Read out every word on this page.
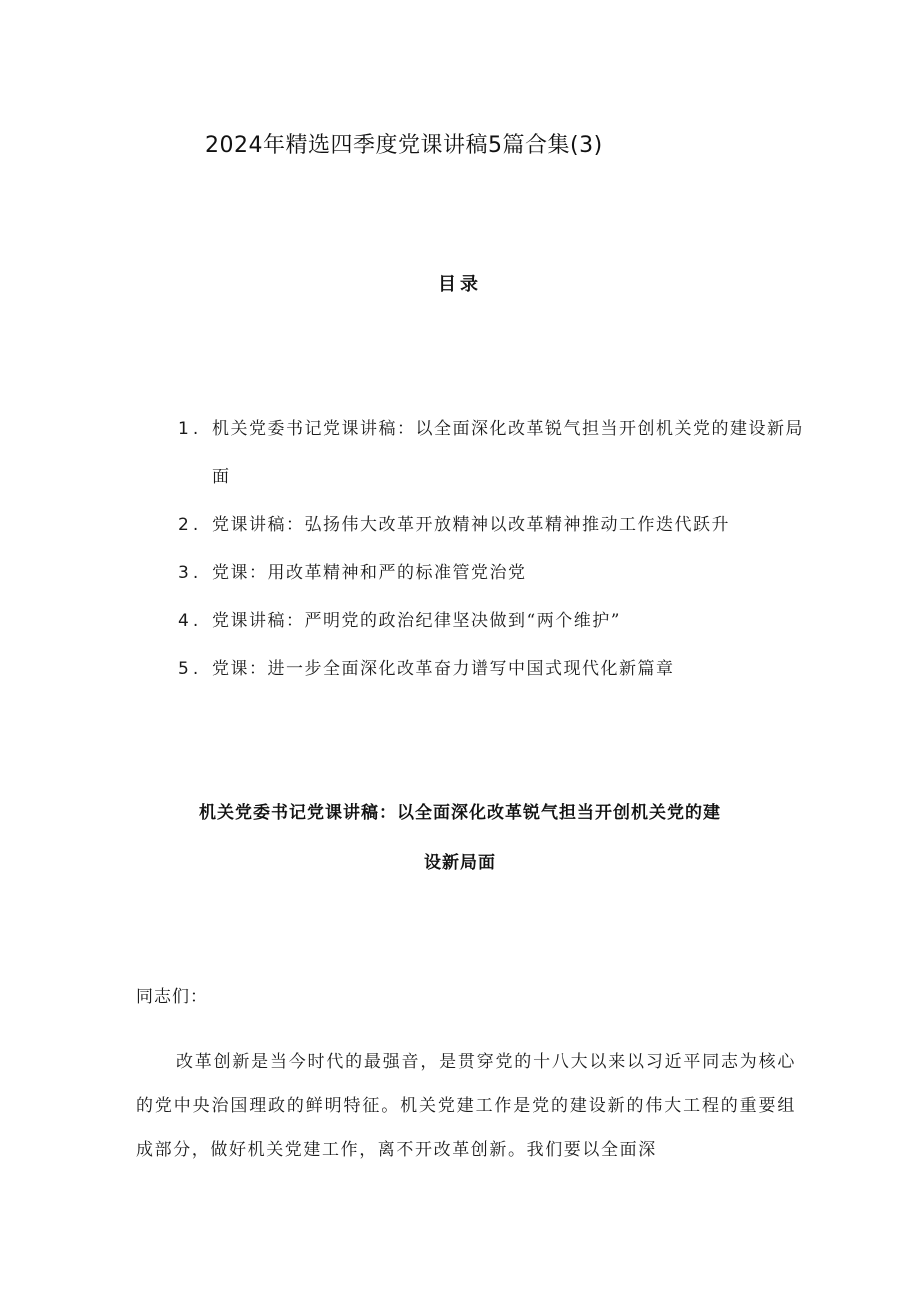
2024年精选四季度党课讲稿5篇合集(3)
目录
1. 机关党委书记党课讲稿：以全面深化改革锐气担当开创机关党的建设新局面
2. 党课讲稿：弘扬伟大改革开放精神以改革精神推动工作迭代跃升
3. 党课：用改革精神和严的标准管党治党
4. 党课讲稿：严明党的政治纪律坚决做到“两个维护”
5. 党课：进一步全面深化改革奋力谱写中国式现代化新篇章
机关党委书记党课讲稿：以全面深化改革锐气担当开创机关党的建
设新局面
同志们：

改革创新是当今时代的最强音，是贯穿党的十八大以来以习近平同志为核心的党中央治国理政的鲜明特征。机关党建工作是党的建设新的伟大工程的重要组成部分，做好机关党建工作，离不开改革创新。我们要以全面深
